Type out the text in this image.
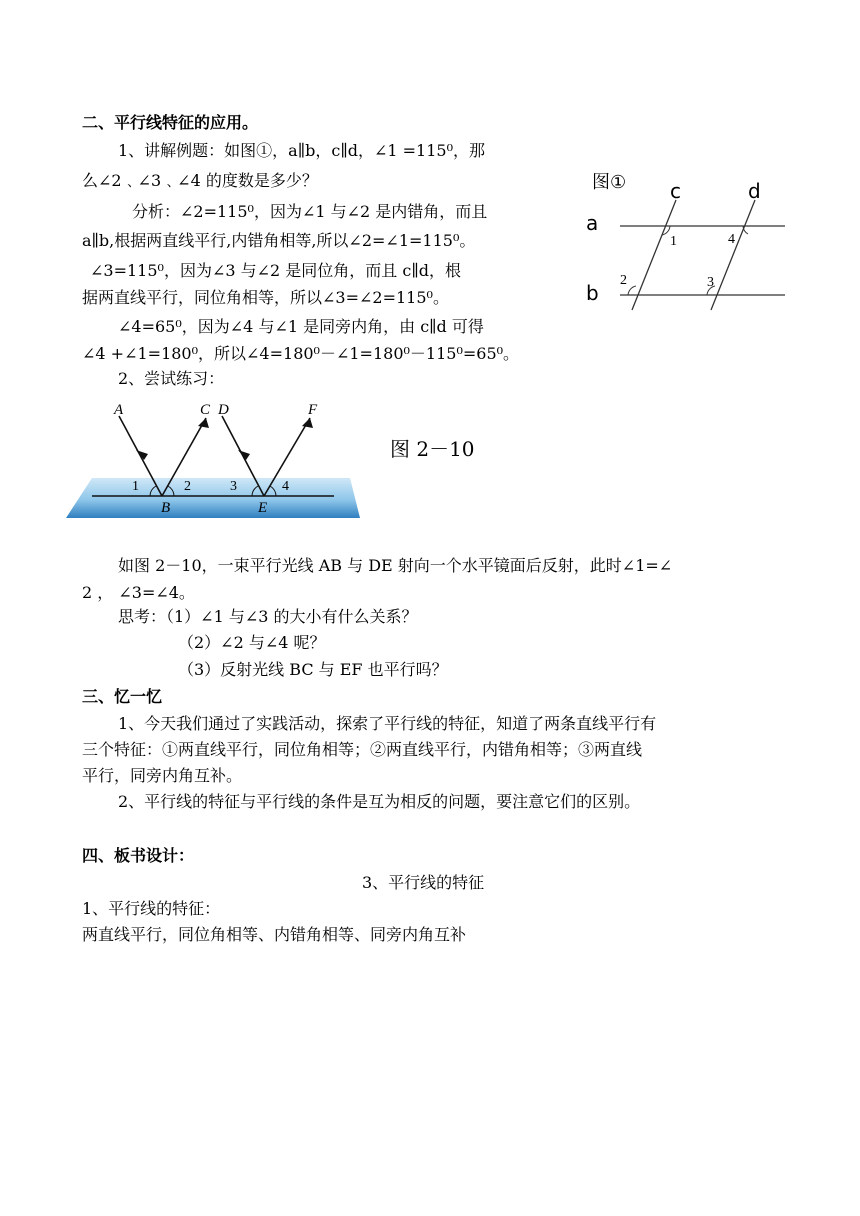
二、平行线特征的应用。
1、讲解例题：如图①，a∥b，c∥d，∠1 =115⁰，那
么∠2﹑∠3﹑∠4 的度数是多少？
分析：∠2=115⁰，因为∠1 与∠2 是内错角，而且
a∥b,根据两直线平行,内错角相等,所以∠2=∠1=115⁰。
∠3=115⁰，因为∠3 与∠2 是同位角，而且 c∥d，根
据两直线平行，同位角相等，所以∠3=∠2=115⁰。
∠4=65⁰，因为∠4 与∠1 是同旁内角，由 c∥d 可得
∠4 +∠1=180⁰，所以∠4=180⁰－∠1=180⁰－115⁰=65⁰。
2、尝试练习：
图① c	d
a
b
1	4
2	3
A	C D	F
B	E
1	2	3	4
图 2－10
如图 2－10，一束平行光线 AB 与 DE 射向一个水平镜面后反射，此时∠1=∠
2 ， ∠3=∠4。
思考：（1）∠1 与∠3 的大小有什么关系？
（2）∠2 与∠4 呢？
（3）反射光线 BC 与 EF 也平行吗？
三、忆一忆
1、今天我们通过了实践活动，探索了平行线的特征，知道了两条直线平行有
三个特征：①两直线平行，同位角相等；②两直线平行，内错角相等；③两直线
平行，同旁内角互补。
2、平行线的特征与平行线的条件是互为相反的问题，要注意它们的区别。
四、板书设计：
3、平行线的特征
1、平行线的特征：
两直线平行，同位角相等、内错角相等、同旁内角互补
